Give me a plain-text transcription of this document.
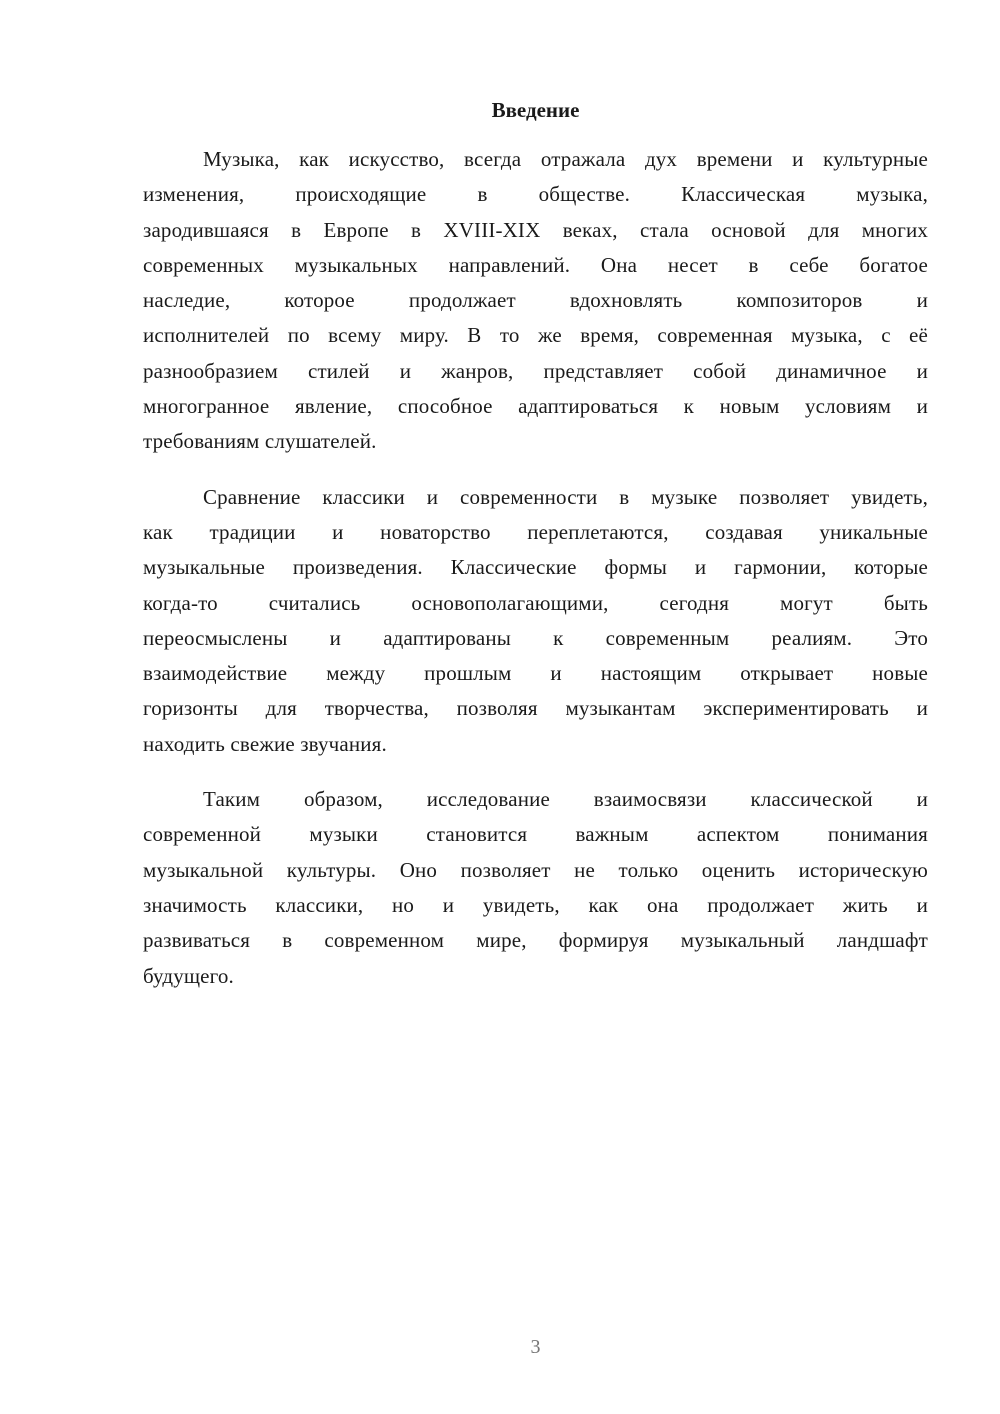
Введение
Музыка, как искусство, всегда отражала дух времени и культурные
изменения, происходящие в обществе. Классическая музыка,
зародившаяся в Европе в XVIII-XIX веках, стала основой для многих
современных музыкальных направлений. Она несет в себе богатое
наследие, которое продолжает вдохновлять композиторов и
исполнителей по всему миру. В то же время, современная музыка, с её
разнообразием стилей и жанров, представляет собой динамичное и
многогранное явление, способное адаптироваться к новым условиям и
требованиям слушателей.
Сравнение классики и современности в музыке позволяет увидеть,
как традиции и новаторство переплетаются, создавая уникальные
музыкальные произведения. Классические формы и гармонии, которые
когда-то считались основополагающими, сегодня могут быть
переосмыслены и адаптированы к современным реалиям. Это
взаимодействие между прошлым и настоящим открывает новые
горизонты для творчества, позволяя музыкантам экспериментировать и
находить свежие звучания.
Таким образом, исследование взаимосвязи классической и
современной музыки становится важным аспектом понимания
музыкальной культуры. Оно позволяет не только оценить историческую
значимость классики, но и увидеть, как она продолжает жить и
развиваться в современном мире, формируя музыкальный ландшафт
будущего.
3
